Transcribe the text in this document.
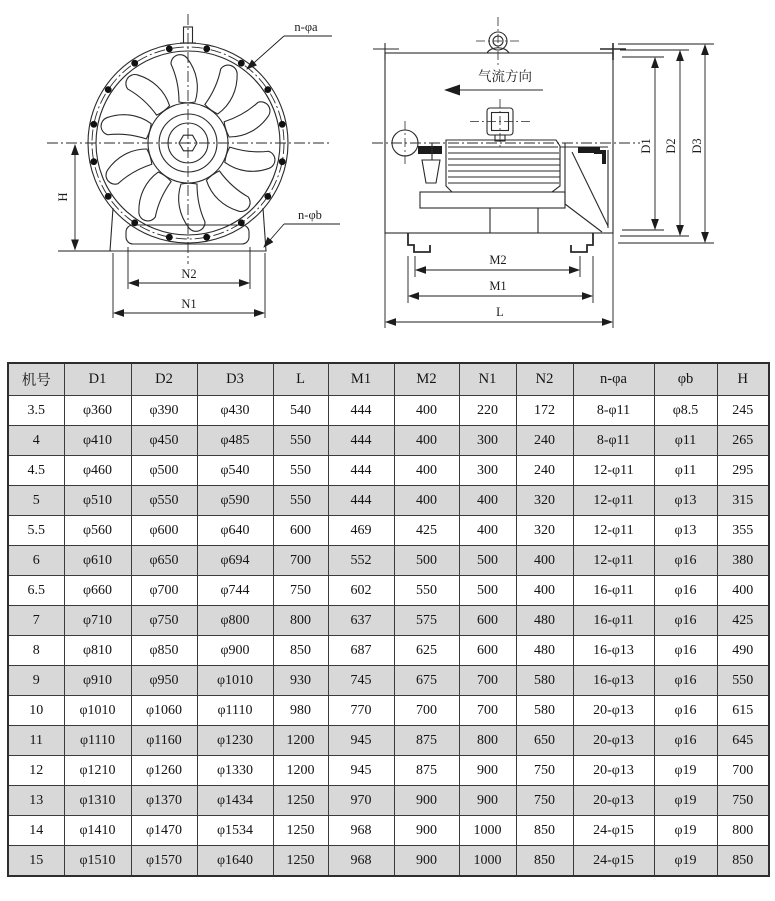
n-φa
n-φb
H
N2
N1
气流方向
D1 D2 D3
M2
M1
L
机号	D1	D2	D3	L	M1	M2	N1	N2	n-φa	φb	H
3.5	φ360	φ390	φ430	540	444	400	220	172	8-φ11	φ8.5	245
4	φ410	φ450	φ485	550	444	400	300	240	8-φ11	φ11	265
4.5	φ460	φ500	φ540	550	444	400	300	240	12-φ11	φ11	295
5	φ510	φ550	φ590	550	444	400	400	320	12-φ11	φ13	315
5.5	φ560	φ600	φ640	600	469	425	400	320	12-φ11	φ13	355
6	φ610	φ650	φ694	700	552	500	500	400	12-φ11	φ16	380
6.5	φ660	φ700	φ744	750	602	550	500	400	16-φ11	φ16	400
7	φ710	φ750	φ800	800	637	575	600	480	16-φ11	φ16	425
8	φ810	φ850	φ900	850	687	625	600	480	16-φ13	φ16	490
9	φ910	φ950	φ1010	930	745	675	700	580	16-φ13	φ16	550
10	φ1010	φ1060	φ1110	980	770	700	700	580	20-φ13	φ16	615
11	φ1110	φ1160	φ1230	1200	945	875	800	650	20-φ13	φ16	645
12	φ1210	φ1260	φ1330	1200	945	875	900	750	20-φ13	φ19	700
13	φ1310	φ1370	φ1434	1250	970	900	900	750	20-φ13	φ19	750
14	φ1410	φ1470	φ1534	1250	968	900	1000	850	24-φ15	φ19	800
15	φ1510	φ1570	φ1640	1250	968	900	1000	850	24-φ15	φ19	850
